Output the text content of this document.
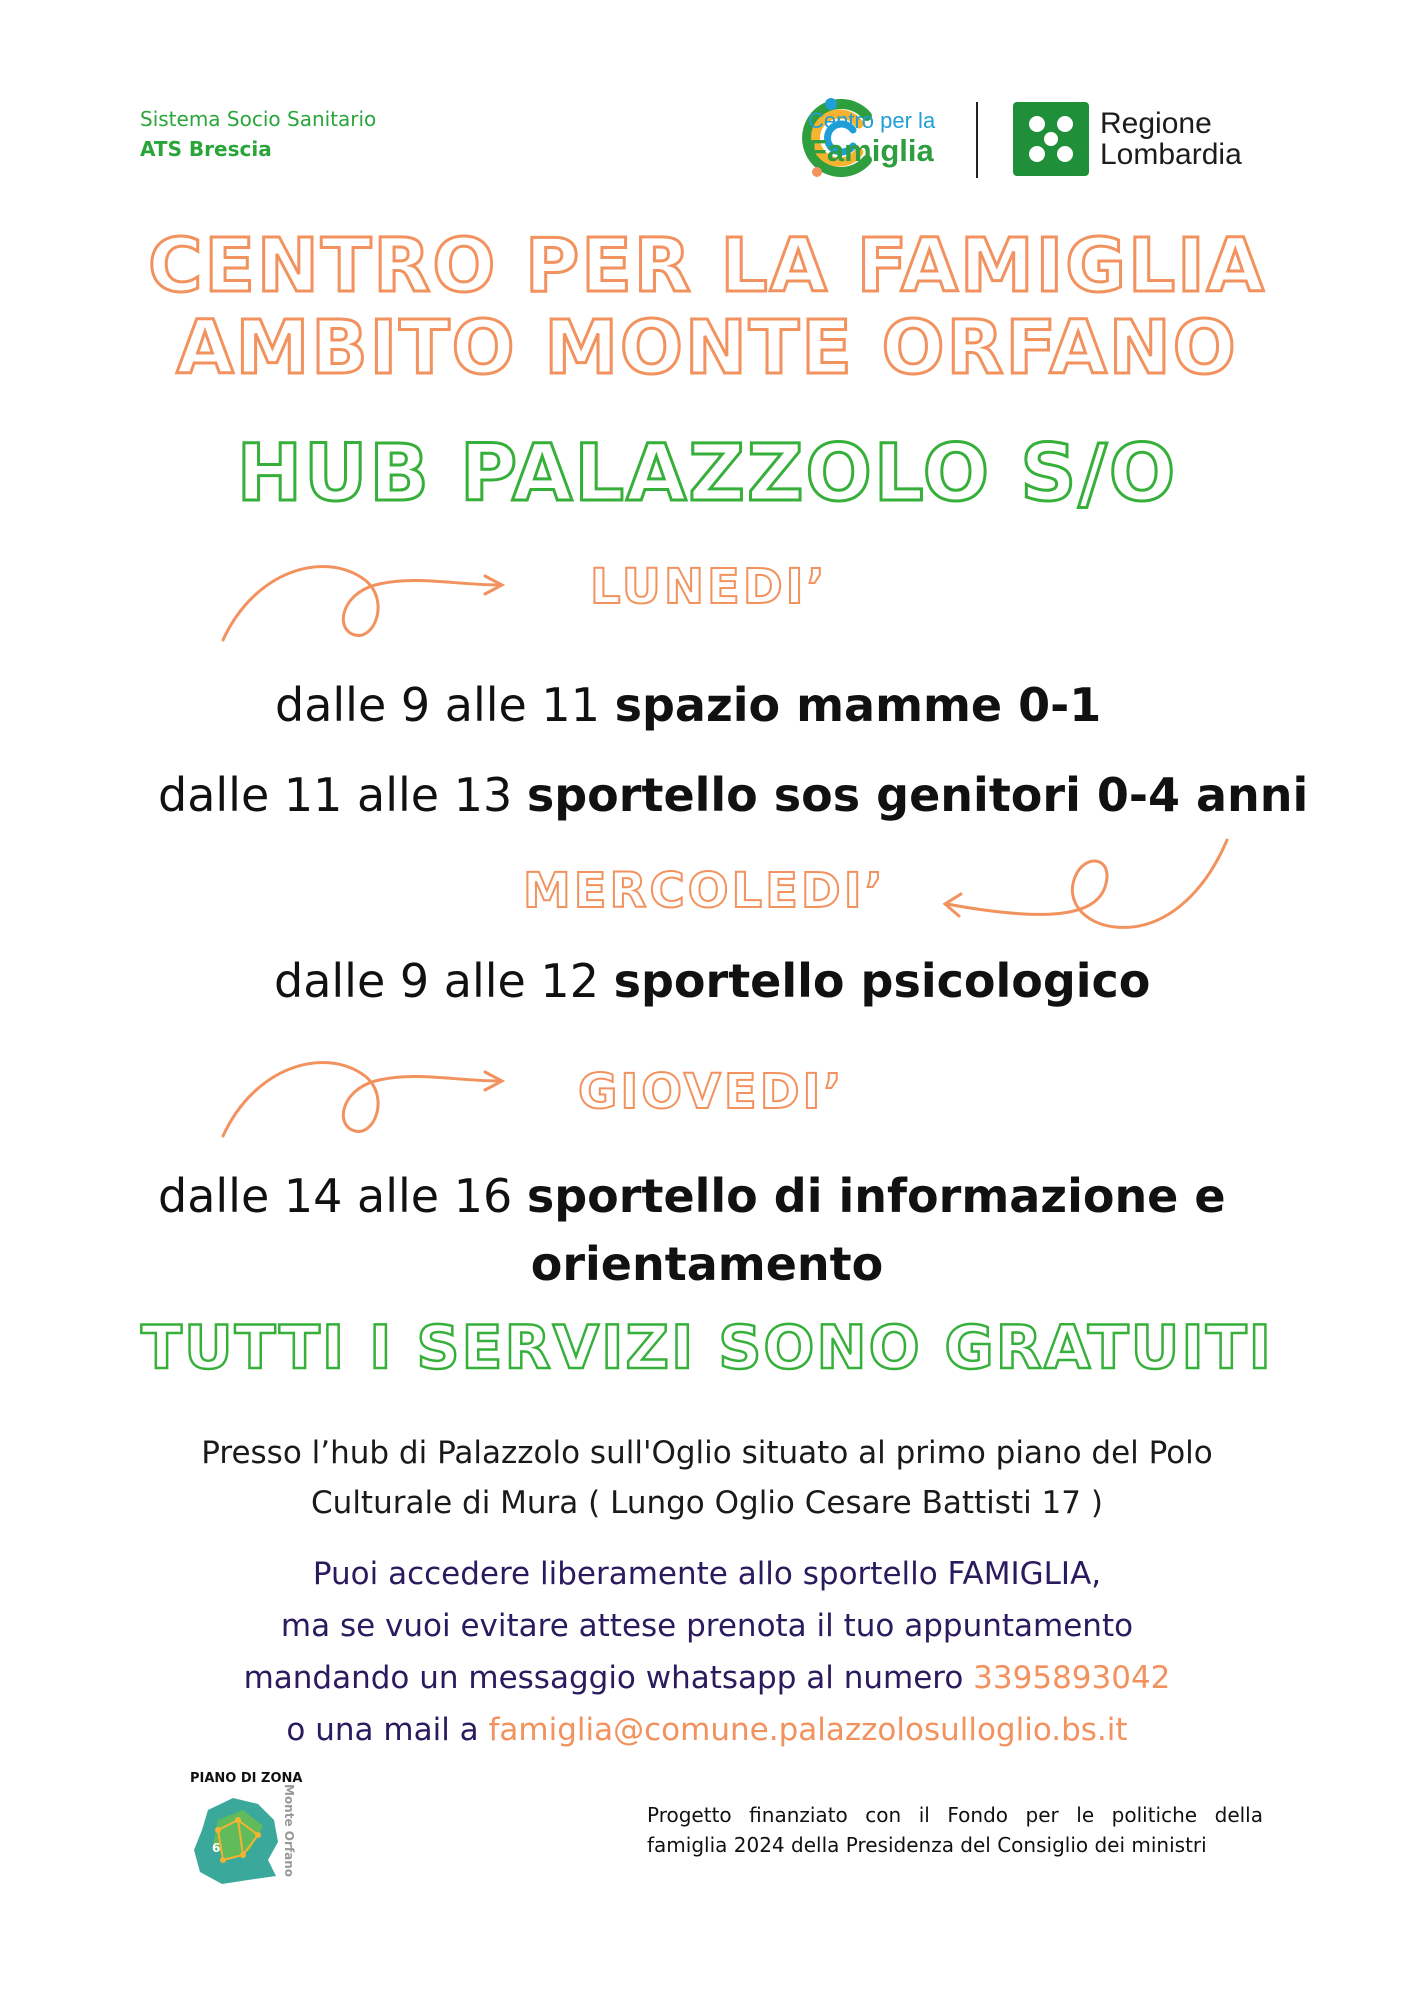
Sistema Socio Sanitario
ATS Brescia
Centro per la
Famiglia
Regione
Lombardia
CENTRO PER LA FAMIGLIA
AMBITO MONTE ORFANO
HUB PALAZZOLO S/O
LUNEDI’
dalle 9 alle 11 spazio mamme 0-1
dalle 11 alle 13 sportello sos genitori 0-4 anni
MERCOLEDI’
dalle 9 alle 12 sportello psicologico
GIOVEDI’
dalle 14 alle 16 sportello di informazione e
orientamento
TUTTI I SERVIZI SONO GRATUITI
Presso l’hub di Palazzolo sull'Oglio situato al primo piano del Polo
Culturale di Mura ( Lungo Oglio Cesare Battisti 17 )
Puoi accedere liberamente allo sportello FAMIGLIA,
ma se vuoi evitare attese prenota il tuo appuntamento
mandando un messaggio whatsapp al numero 3395893042
o una mail a famiglia@comune.palazzolosulloglio.bs.it
PIANO DI ZONA
6	Monte Orfano	Progetto finanziato con il Fondo per le politiche della
famiglia 2024 della Presidenza del Consiglio dei ministri
